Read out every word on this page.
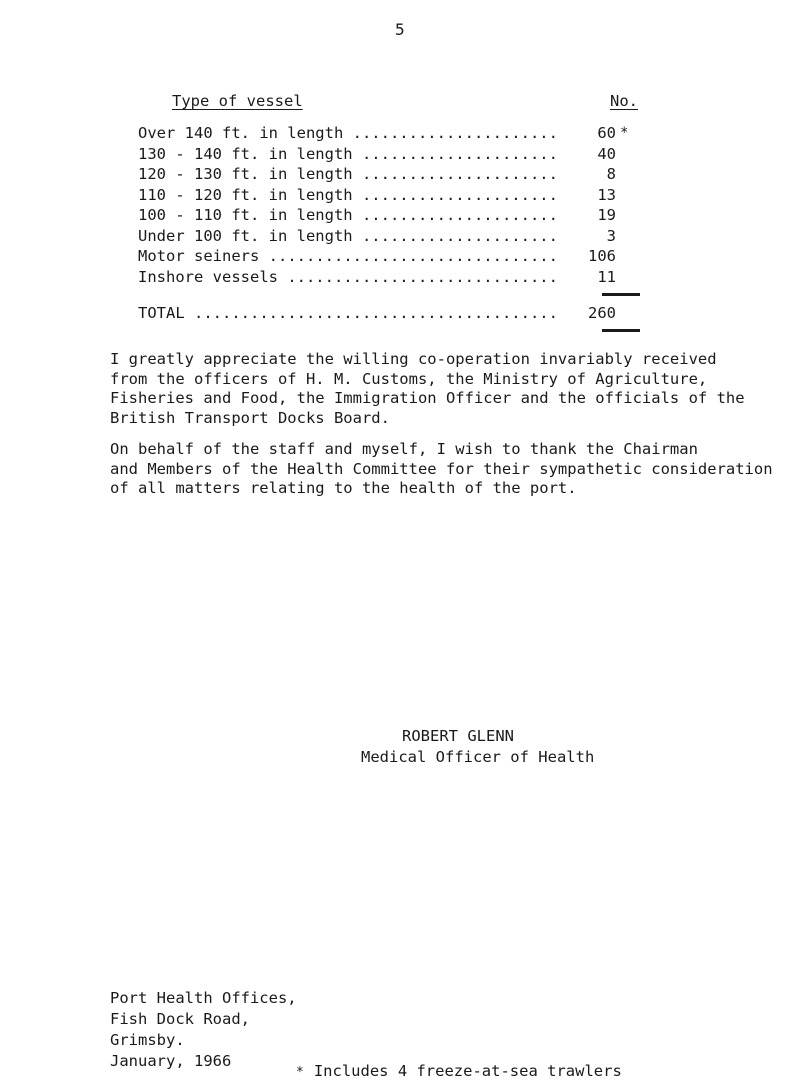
5
Type of vessel	No.
Over 140 ft. in length .....	60 *
130 - 140 ft. in length .....	40
120 - 130 ft. in length .....	8
110 - 120 ft. in length .....	13
100 - 110 ft. in length .....	19
Under 100 ft. in length .....	3
Motor seiners .....	106
Inshore vessels .....	11
TOTAL .....	260
I greatly appreciate the willing co-operation invariably received
from the officers of H. M. Customs, the Ministry of Agriculture,
Fisheries and Food, the Immigration Officer and the officials of the
British Transport Docks Board.
On behalf of the staff and myself, I wish to thank the Chairman
and Members of the Health Committee for their sympathetic consideration
of all matters relating to the health of the port.
ROBERT GLENN
Medical Officer of Health
Port Health Offices,
Fish Dock Road,
Grimsby.
January, 1966
* Includes 4 freeze-at-sea trawlers
